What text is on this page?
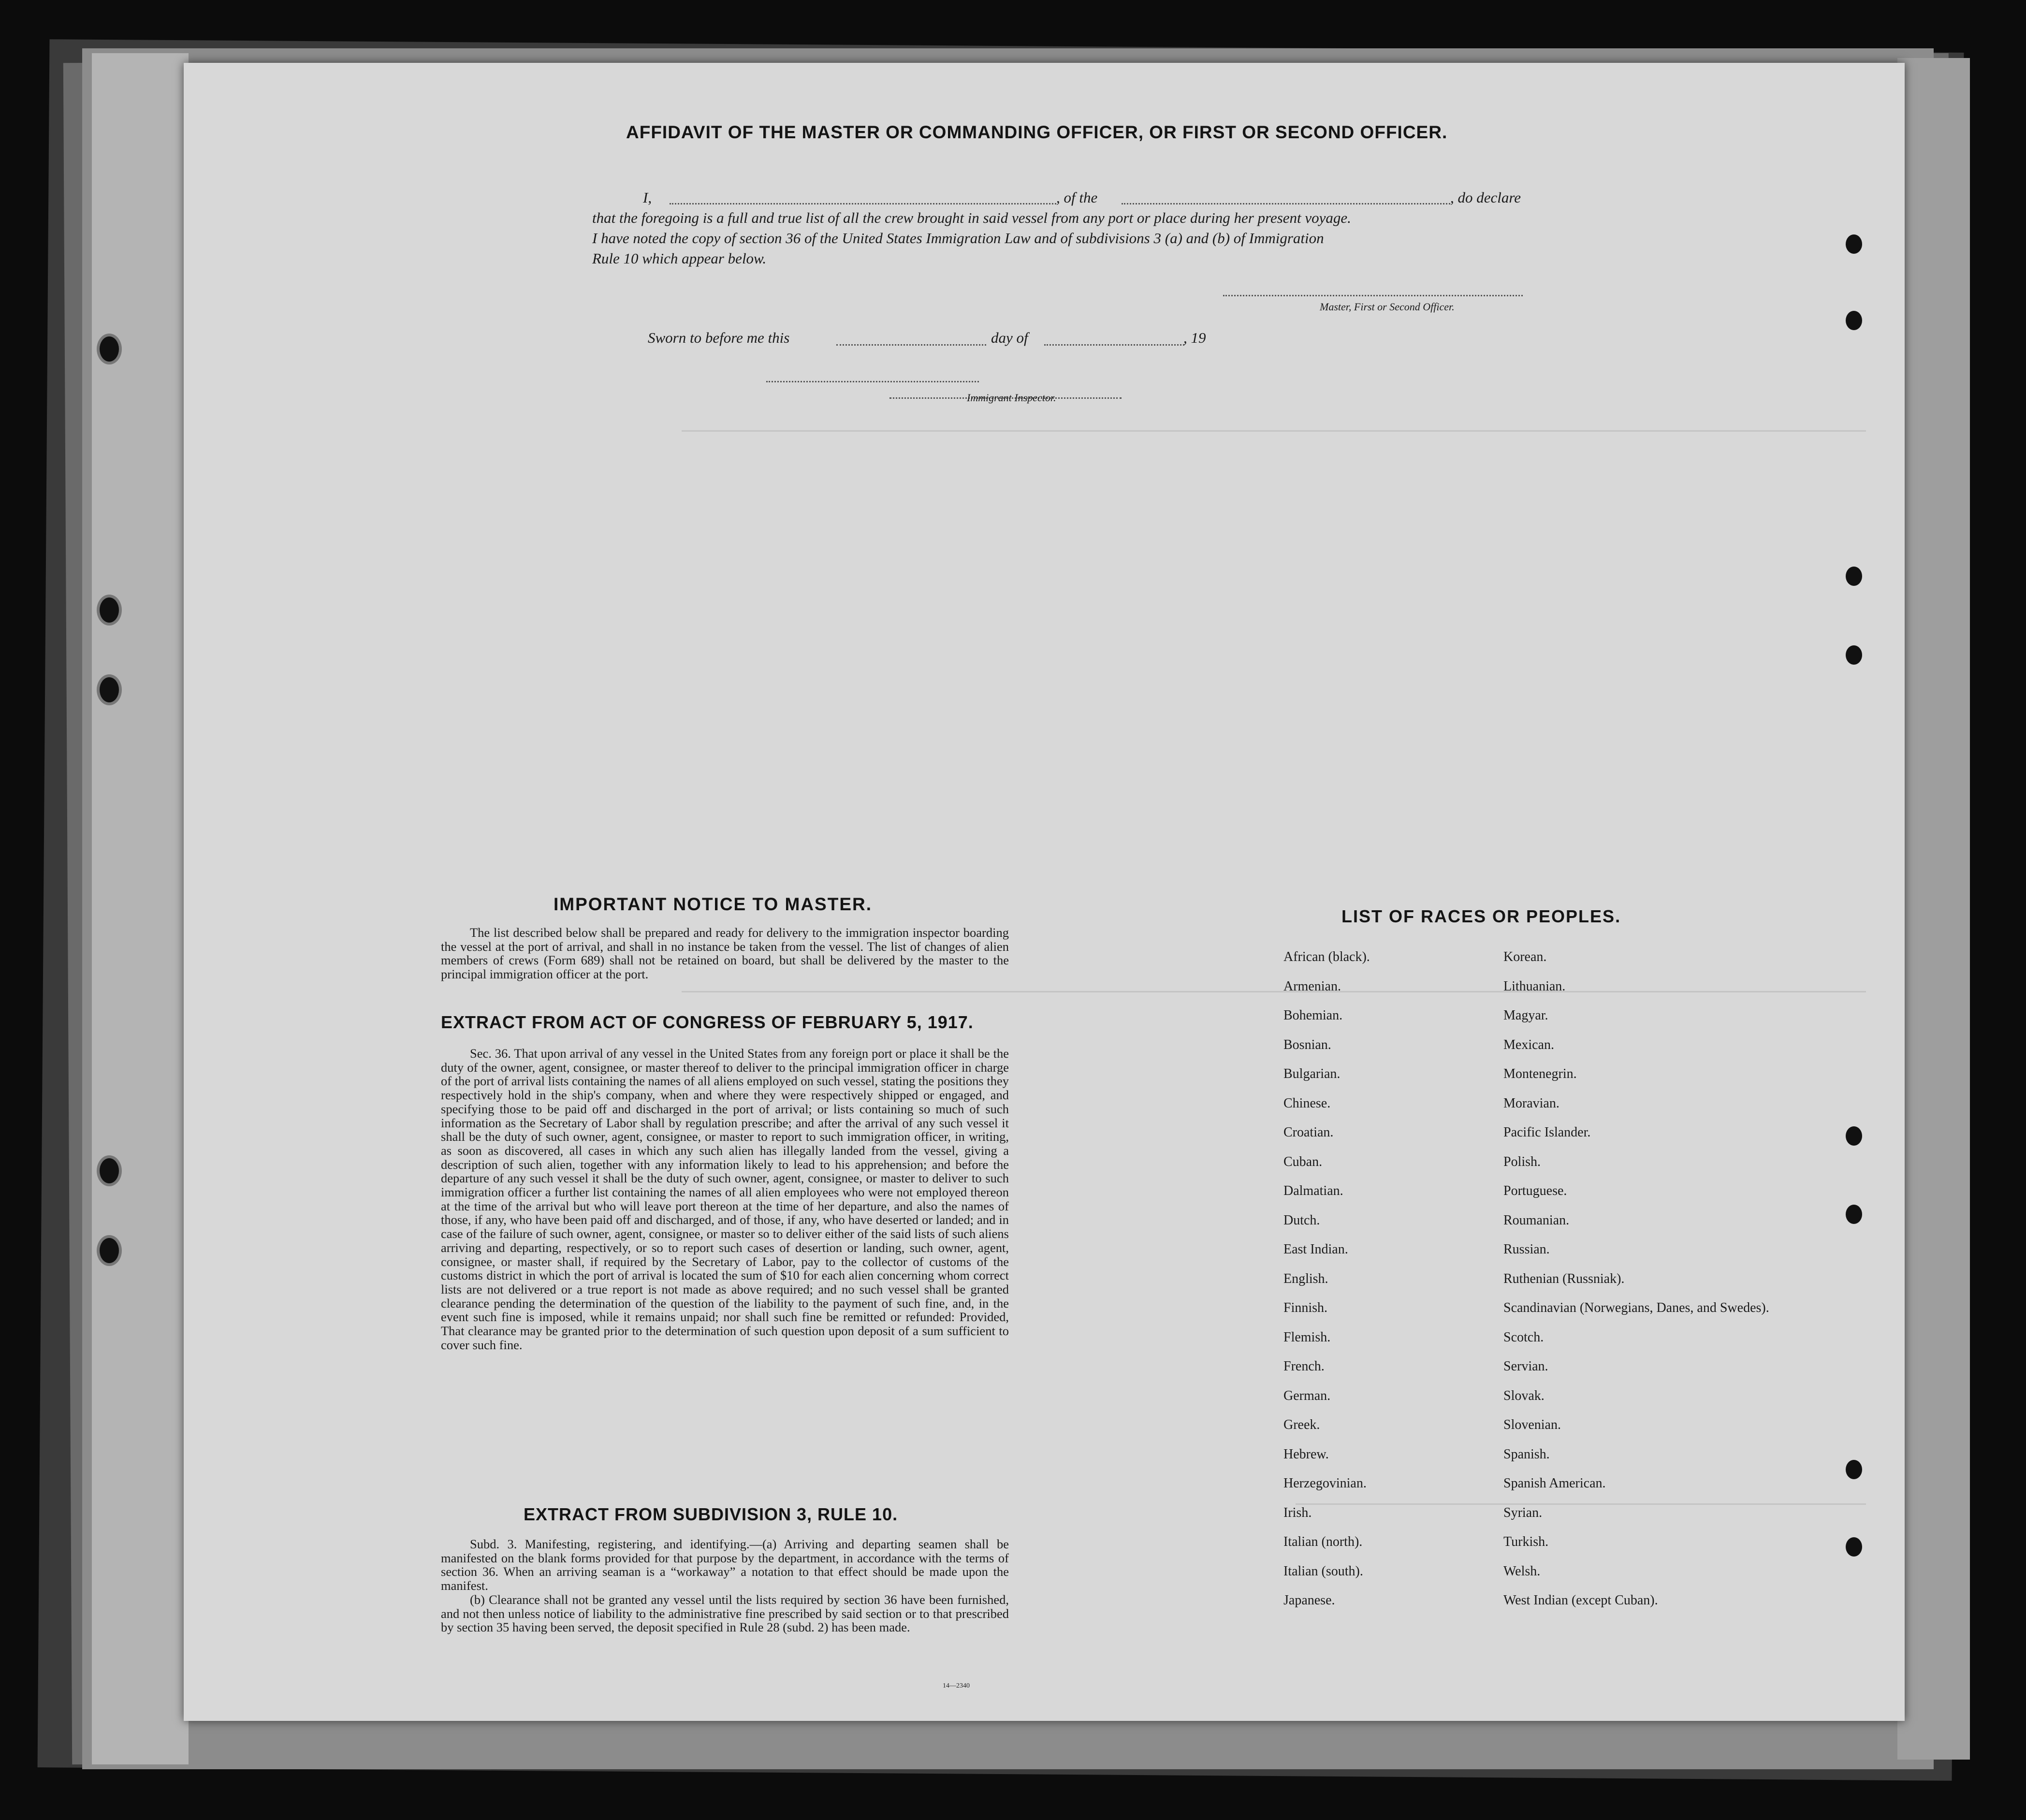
AFFIDAVIT OF THE MASTER OR COMMANDING OFFICER, OR FIRST OR SECOND OFFICER.
I,	, of the	, do declare
that the foregoing is a full and true list of all the crew brought in said vessel from any port or place during her present voyage.
I have noted the copy of section 36 of the United States Immigration Law and of subdivisions 3 (a) and (b) of Immigration
Rule 10 which appear below.
Master, First or Second Officer.
Sworn to before me this	day of	, 19
Immigrant Inspector.
IMPORTANT NOTICE TO MASTER.

The list described below shall be prepared and ready for delivery to the immigration inspector boarding the vessel at the port of arrival, and shall in no instance be taken from the vessel. The list of changes of alien members of crews (Form 689) shall not be retained on board, but shall be delivered by the master to the principal immigration officer at the port.

EXTRACT FROM ACT OF CONGRESS OF FEBRUARY 5, 1917.

Sec. 36. That upon arrival of any vessel in the United States from any foreign port or place it shall be the duty of the owner, agent, consignee, or master thereof to deliver to the principal immigration officer in charge of the port of arrival lists containing the names of all aliens employed on such vessel, stating the positions they respectively hold in the ship's company, when and where they were respectively shipped or engaged, and specifying those to be paid off and discharged in the port of arrival; or lists containing so much of such information as the Secretary of Labor shall by regulation prescribe; and after the arrival of any such vessel it shall be the duty of such owner, agent, consignee, or master to report to such immigration officer, in writing, as soon as discovered, all cases in which any such alien has illegally landed from the vessel, giving a description of such alien, together with any information likely to lead to his apprehension; and before the departure of any such vessel it shall be the duty of such owner, agent, consignee, or master to deliver to such immigration officer a further list containing the names of all alien employees who were not employed thereon at the time of the arrival but who will leave port thereon at the time of her departure, and also the names of those, if any, who have been paid off and discharged, and of those, if any, who have deserted or landed; and in case of the failure of such owner, agent, consignee, or master so to deliver either of the said lists of such aliens arriving and departing, respectively, or so to report such cases of desertion or landing, such owner, agent, consignee, or master shall, if required by the Secretary of Labor, pay to the collector of customs of the customs district in which the port of arrival is located the sum of $10 for each alien concerning whom correct lists are not delivered or a true report is not made as above required; and no such vessel shall be granted clearance pending the determination of the question of the liability to the payment of such fine, and, in the event such fine is imposed, while it remains unpaid; nor shall such fine be remitted or refunded: Provided, That clearance may be granted prior to the determination of such question upon deposit of a sum sufficient to cover such fine.

EXTRACT FROM SUBDIVISION 3, RULE 10.

Subd. 3. Manifesting, registering, and identifying.—(a) Arriving and departing seamen shall be manifested on the blank forms provided for that purpose by the department, in accordance with the terms of section 36. When an arriving seaman is a “workaway” a notation to that effect should be made upon the manifest.

(b) Clearance shall not be granted any vessel until the lists required by section 36 have been furnished, and not then unless notice of liability to the administrative fine prescribed by said section or to that prescribed by section 35 having been served, the deposit specified in Rule 28 (subd. 2) has been made.

14—2340
LIST OF RACES OR PEOPLES.
African (black).
Armenian.
Bohemian.
Bosnian.
Bulgarian.
Chinese.
Croatian.
Cuban.
Dalmatian.
Dutch.
East Indian.
English.
Finnish.
Flemish.
French.
German.
Greek.
Hebrew.
Herzegovinian.
Irish.
Italian (north).
Italian (south).
Japanese.
Korean.
Lithuanian.
Magyar.
Mexican.
Montenegrin.
Moravian.
Pacific Islander.
Polish.
Portuguese.
Roumanian.
Russian.
Ruthenian (Russniak).
Scandinavian (Norwegians, Danes, and Swedes).
Scotch.
Servian.
Slovak.
Slovenian.
Spanish.
Spanish American.
Syrian.
Turkish.
Welsh.
West Indian (except Cuban).
